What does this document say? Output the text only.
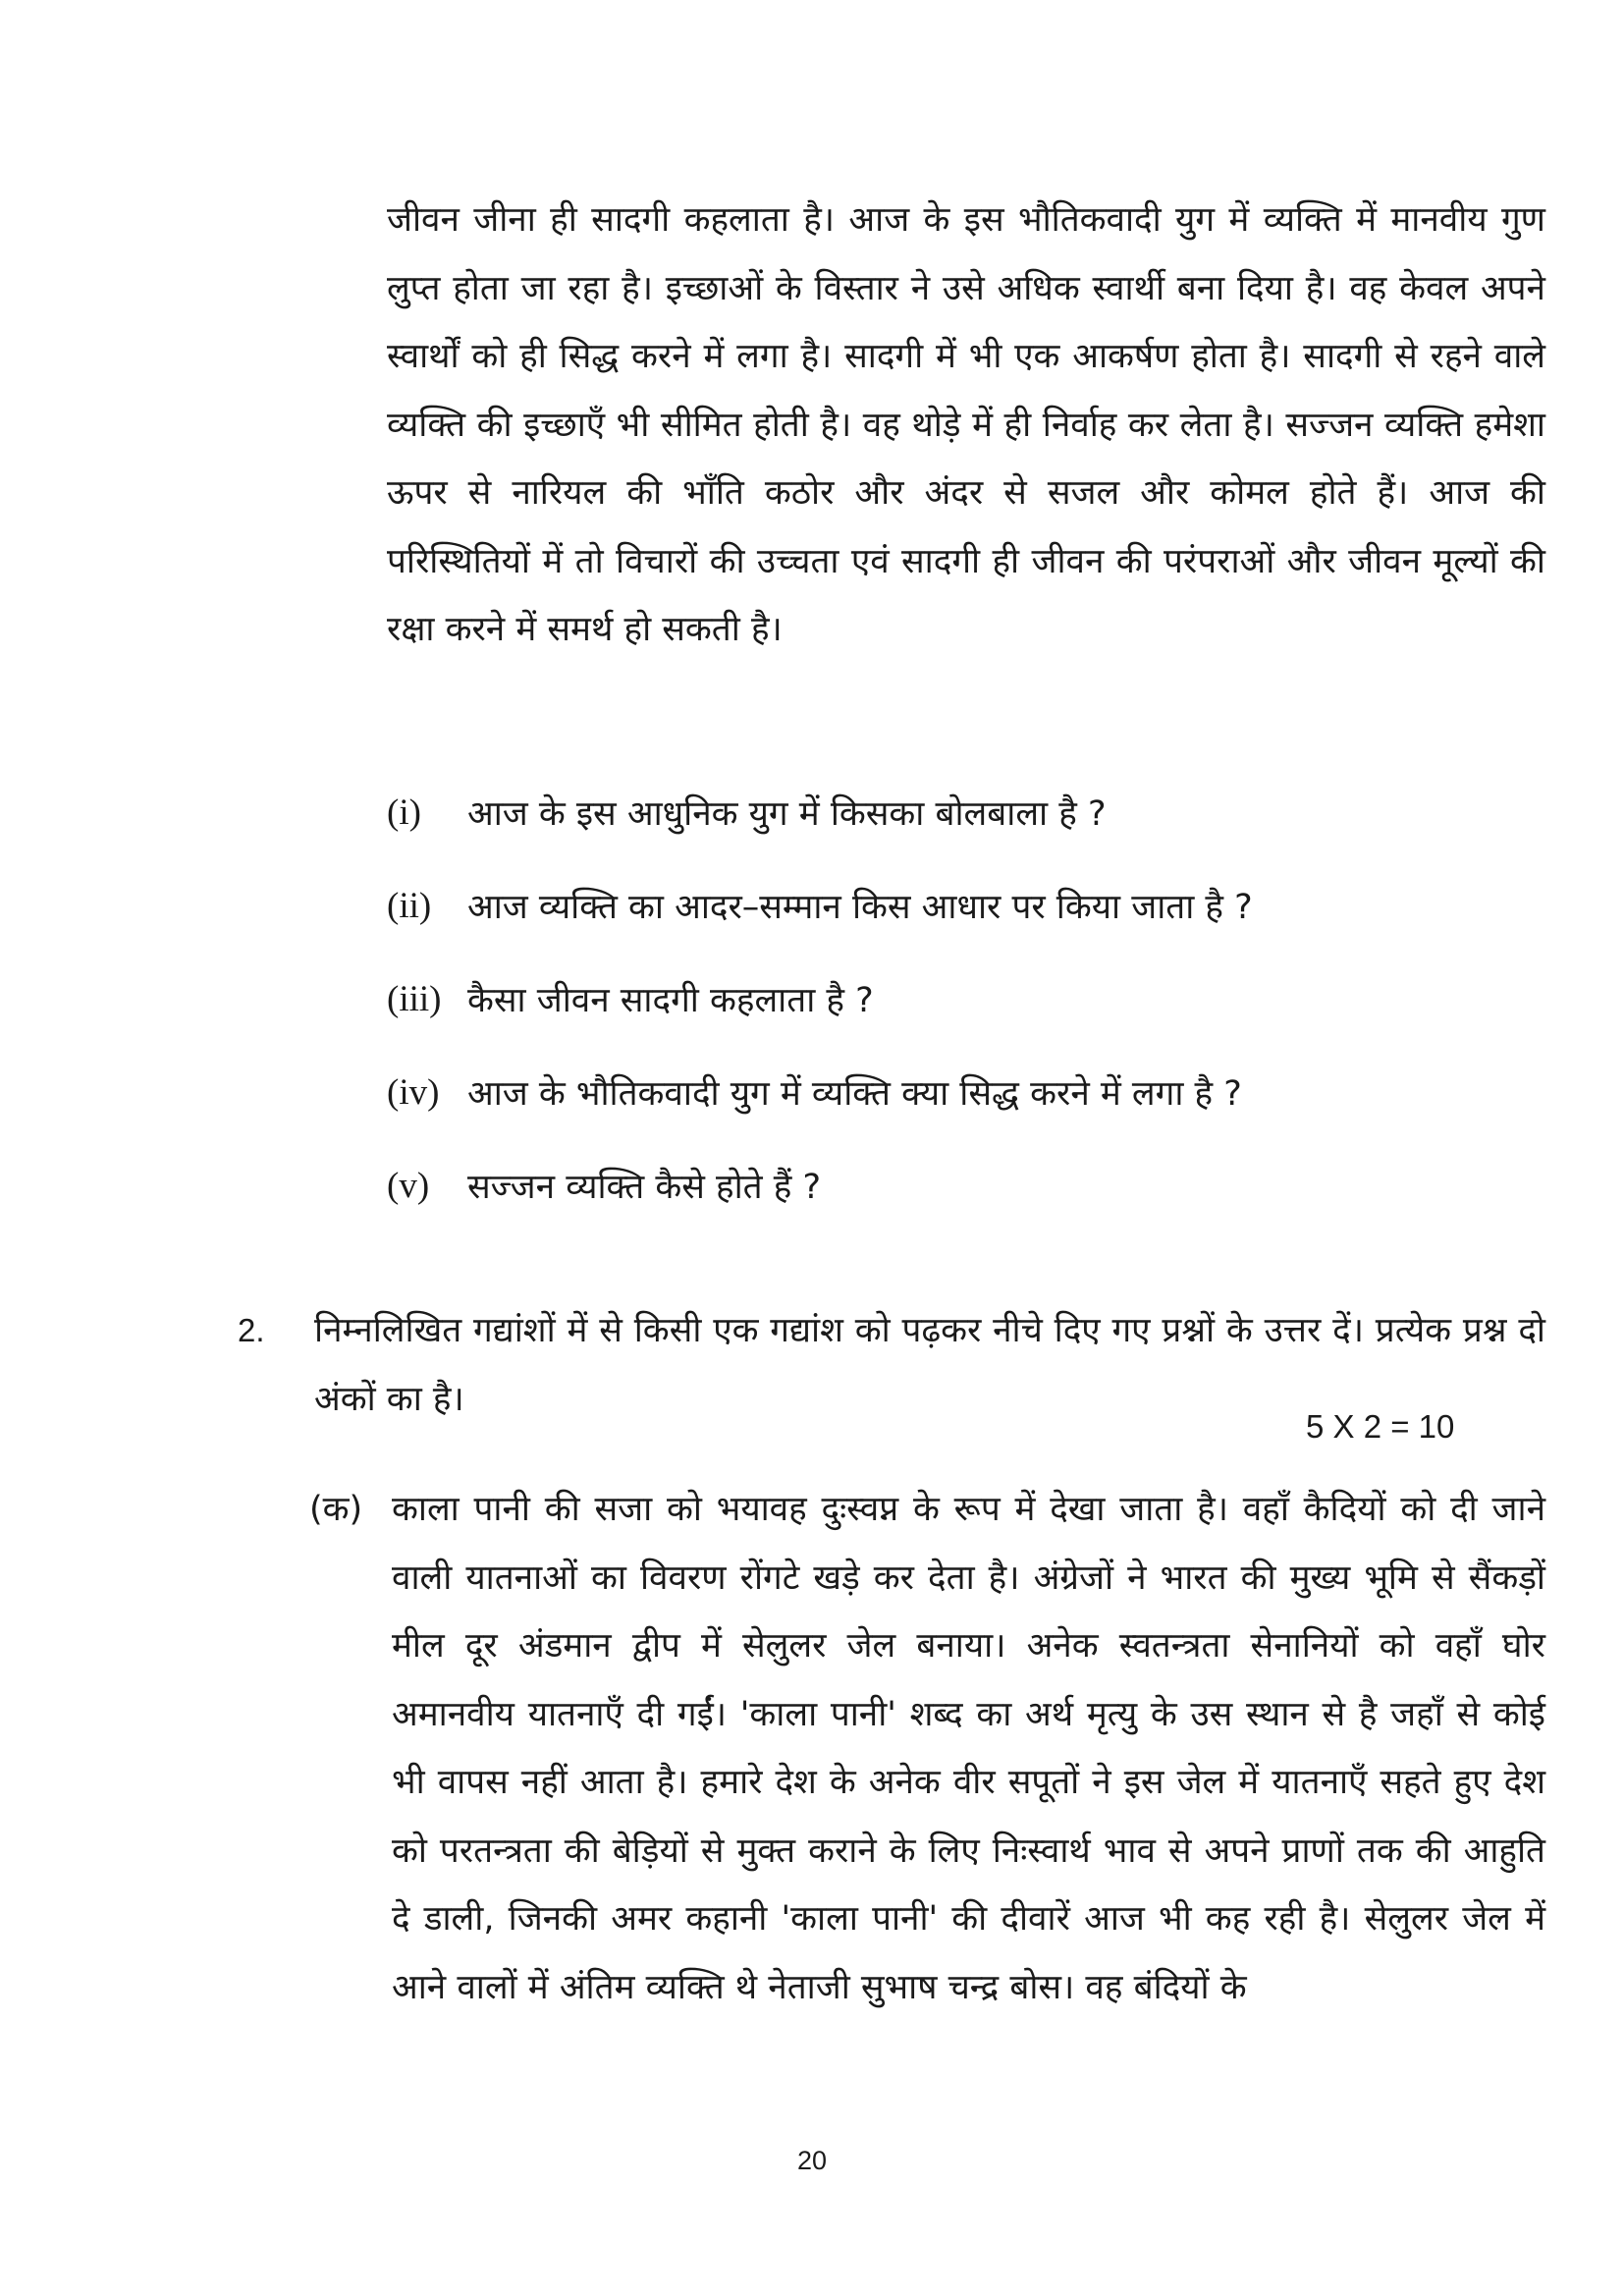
जीवन जीना ही सादगी कहलाता है। आज के इस भौतिकवादी युग में व्यक्ति में मानवीय गुण लुप्त होता जा रहा है। इच्छाओं के विस्तार ने उसे अधिक स्वार्थी बना दिया है। वह केवल अपने स्वार्थों को ही सिद्ध करने में लगा है। सादगी में भी एक आकर्षण होता है। सादगी से रहने वाले व्यक्ति की इच्छाएँ भी सीमित होती है। वह थोड़े में ही निर्वाह कर लेता है। सज्जन व्यक्ति हमेशा ऊपर से नारियल की भाँति कठोर और अंदर से सजल और कोमल होते हैं। आज की परिस्थितियों में तो विचारों की उच्चता एवं सादगी ही जीवन की परंपराओं और जीवन मूल्यों की रक्षा करने में समर्थ हो सकती है।
(i)	आज के इस आधुनिक युग में किसका बोलबाला है ?
(ii)	आज व्यक्ति का आदर–सम्मान किस आधार पर किया जाता है ?
(iii) कैसा जीवन सादगी कहलाता है ?
(iv) आज के भौतिकवादी युग में व्यक्ति क्या सिद्ध करने में लगा है ?
(v)	सज्जन व्यक्ति कैसे होते हैं ?
2. निम्नलिखित गद्यांशों में से किसी एक गद्यांश को पढ़कर नीचे दिए गए प्रश्नों के उत्तर दें। प्रत्येक प्रश्न दो अंकों का है।
5 X 2 = 10
(क) काला पानी की सजा को भयावह दुःस्वप्न के रूप में देखा जाता है। वहाँ कैदियों को दी जाने वाली यातनाओं का विवरण रोंगटे खड़े कर देता है। अंग्रेजों ने भारत की मुख्य भूमि से सैंकड़ों मील दूर अंडमान द्वीप में सेलुलर जेल बनाया। अनेक स्वतन्त्रता सेनानियों को वहाँ घोर अमानवीय यातनाएँ दी गईं। 'काला पानी' शब्द का अर्थ मृत्यु के उस स्थान से है जहाँ से कोई भी वापस नहीं आता है। हमारे देश के अनेक वीर सपूतों ने इस जेल में यातनाएँ सहते हुए देश को परतन्त्रता की बेड़ियों से मुक्त कराने के लिए निःस्वार्थ भाव से अपने प्राणों तक की आहुति दे डाली, जिनकी अमर कहानी 'काला पानी' की दीवारें आज भी कह रही है। सेलुलर जेल में आने वालों में अंतिम व्यक्ति थे नेताजी सुभाष चन्द्र बोस। वह बंदियों के
20
